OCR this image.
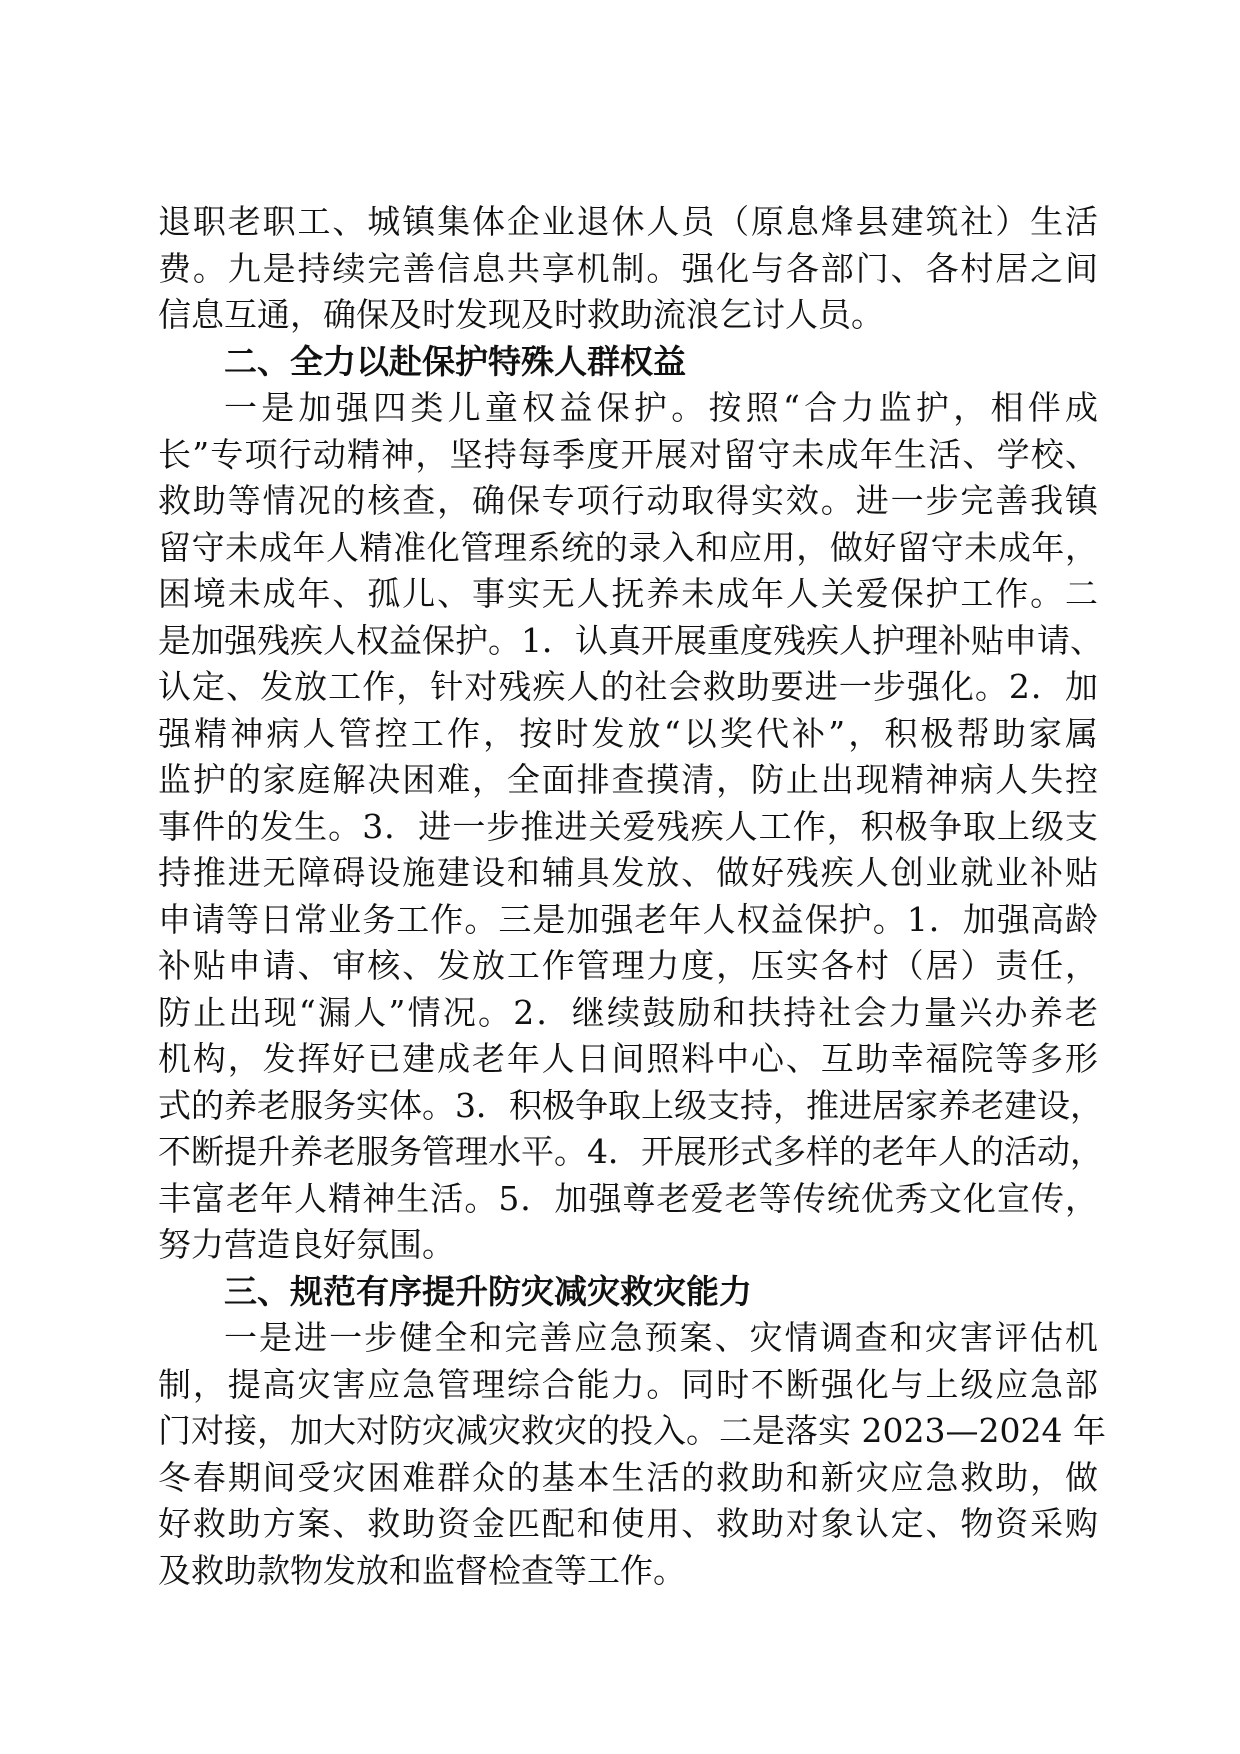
退职老职工、城镇集体企业退休人员（原息烽县建筑社）生活
费。九是持续完善信息共享机制。强化与各部门、各村居之间
信息互通，确保及时发现及时救助流浪乞讨人员。
二、全力以赴保护特殊人群权益
一是加强四类儿童权益保护。按照“合力监护，相伴成
长”专项行动精神，坚持每季度开展对留守未成年生活、学校、
救助等情况的核查，确保专项行动取得实效。进一步完善我镇
留守未成年人精准化管理系统的录入和应用，做好留守未成年，
困境未成年、孤儿、事实无人抚养未成年人关爱保护工作。二
是加强残疾人权益保护。1．认真开展重度残疾人护理补贴申请、
认定、发放工作，针对残疾人的社会救助要进一步强化。2．加
强精神病人管控工作，按时发放“以奖代补”，积极帮助家属
监护的家庭解决困难，全面排查摸清，防止出现精神病人失控
事件的发生。3．进一步推进关爱残疾人工作，积极争取上级支
持推进无障碍设施建设和辅具发放、做好残疾人创业就业补贴
申请等日常业务工作。三是加强老年人权益保护。1．加强高龄
补贴申请、审核、发放工作管理力度，压实各村（居）责任，
防止出现“漏人”情况。2．继续鼓励和扶持社会力量兴办养老
机构，发挥好已建成老年人日间照料中心、互助幸福院等多形
式的养老服务实体。3．积极争取上级支持，推进居家养老建设，
不断提升养老服务管理水平。4．开展形式多样的老年人的活动，
丰富老年人精神生活。5．加强尊老爱老等传统优秀文化宣传，
努力营造良好氛围。
三、规范有序提升防灾减灾救灾能力
一是进一步健全和完善应急预案、灾情调查和灾害评估机
制，提高灾害应急管理综合能力。同时不断强化与上级应急部
门对接，加大对防灾减灾救灾的投入。二是落实 2023—2024 年
冬春期间受灾困难群众的基本生活的救助和新灾应急救助，做
好救助方案、救助资金匹配和使用、救助对象认定、物资采购
及救助款物发放和监督检查等工作。
